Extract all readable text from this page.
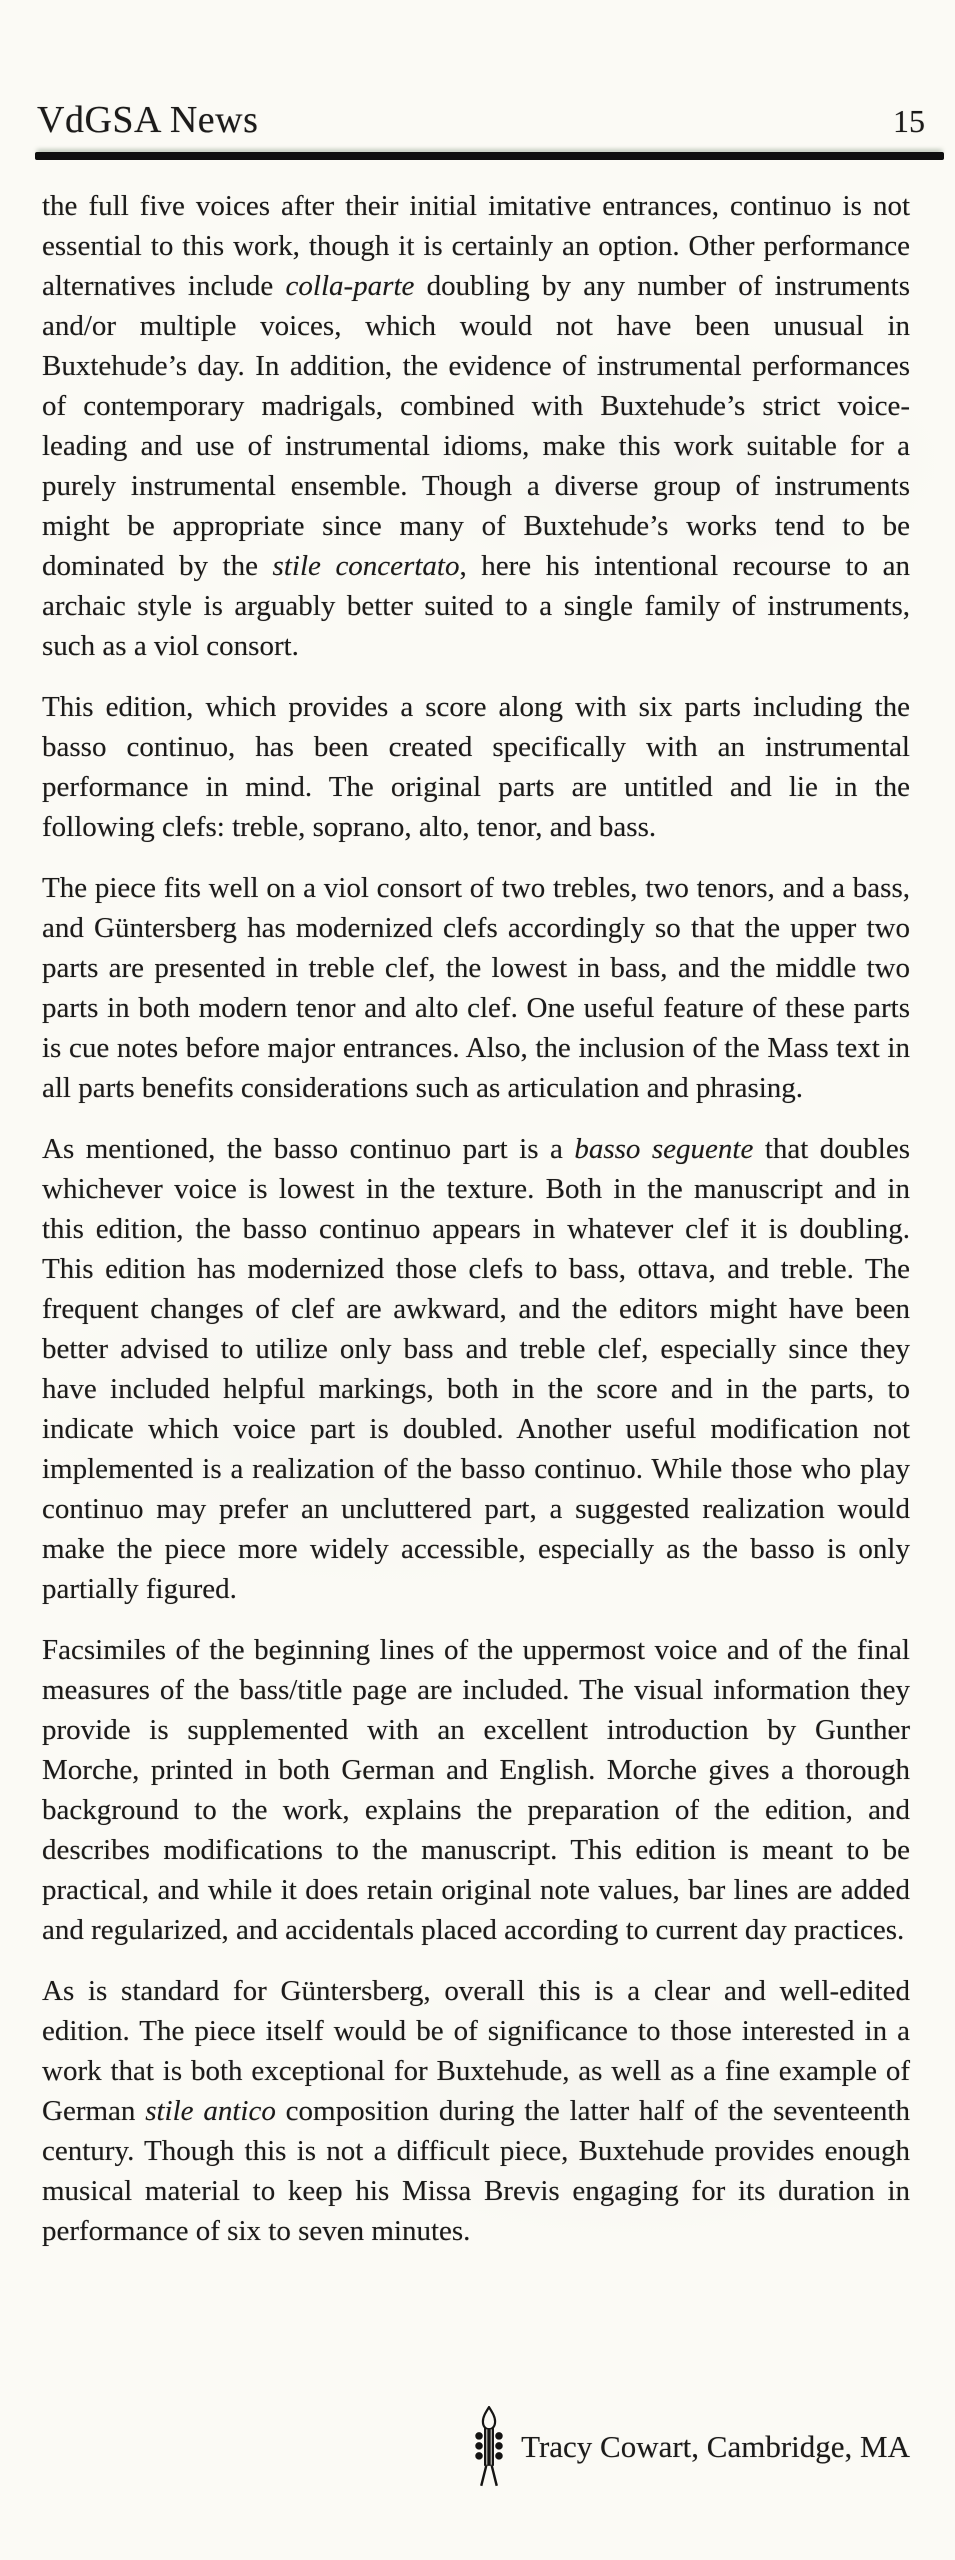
VdGSA News	15

the full five voices after their initial imitative entrances, continuo is not essential to this work, though it is certainly an option. Other performance alternatives include colla-parte doubling by any number of instruments and/or multiple voices, which would not have been unusual in Buxtehude’s day. In addition, the evidence of instrumental performances of contemporary madrigals, combined with Buxtehude’s strict voice-leading and use of instrumental idioms, make this work suitable for a purely instrumental ensemble. Though a diverse group of instruments might be appropriate since many of Buxtehude’s works tend to be dominated by the stile concertato, here his intentional recourse to an archaic style is arguably better suited to a single family of instruments, such as a viol consort.

This edition, which provides a score along with six parts including the basso continuo, has been created specifically with an instrumental performance in mind. The original parts are untitled and lie in the following clefs: treble, soprano, alto, tenor, and bass.

The piece fits well on a viol consort of two trebles, two tenors, and a bass, and Güntersberg has modernized clefs accordingly so that the upper two parts are presented in treble clef, the lowest in bass, and the middle two parts in both modern tenor and alto clef. One useful feature of these parts is cue notes before major entrances. Also, the inclusion of the Mass text in all parts benefits considerations such as articulation and phrasing.

As mentioned, the basso continuo part is a basso seguente that doubles whichever voice is lowest in the texture. Both in the manuscript and in this edition, the basso continuo appears in whatever clef it is doubling. This edition has modernized those clefs to bass, ottava, and treble. The frequent changes of clef are awkward, and the editors might have been better advised to utilize only bass and treble clef, especially since they have included helpful markings, both in the score and in the parts, to indicate which voice part is doubled. Another useful modification not implemented is a realization of the basso continuo. While those who play continuo may prefer an uncluttered part, a suggested realization would make the piece more widely accessible, especially as the basso is only partially figured.

Facsimiles of the beginning lines of the uppermost voice and of the final measures of the bass/title page are included. The visual information they provide is supplemented with an excellent introduction by Gunther Morche, printed in both German and English. Morche gives a thorough background to the work, explains the preparation of the edition, and describes modifications to the manuscript. This edition is meant to be practical, and while it does retain original note values, bar lines are added and regularized, and accidentals placed according to current day practices.

As is standard for Güntersberg, overall this is a clear and well-edited edition. The piece itself would be of significance to those interested in a work that is both exceptional for Buxtehude, as well as a fine example of German stile antico composition during the latter half of the seventeenth century. Though this is not a difficult piece, Buxtehude provides enough musical material to keep his Missa Brevis engaging for its duration in performance of six to seven minutes.

Tracy Cowart, Cambridge, MA
